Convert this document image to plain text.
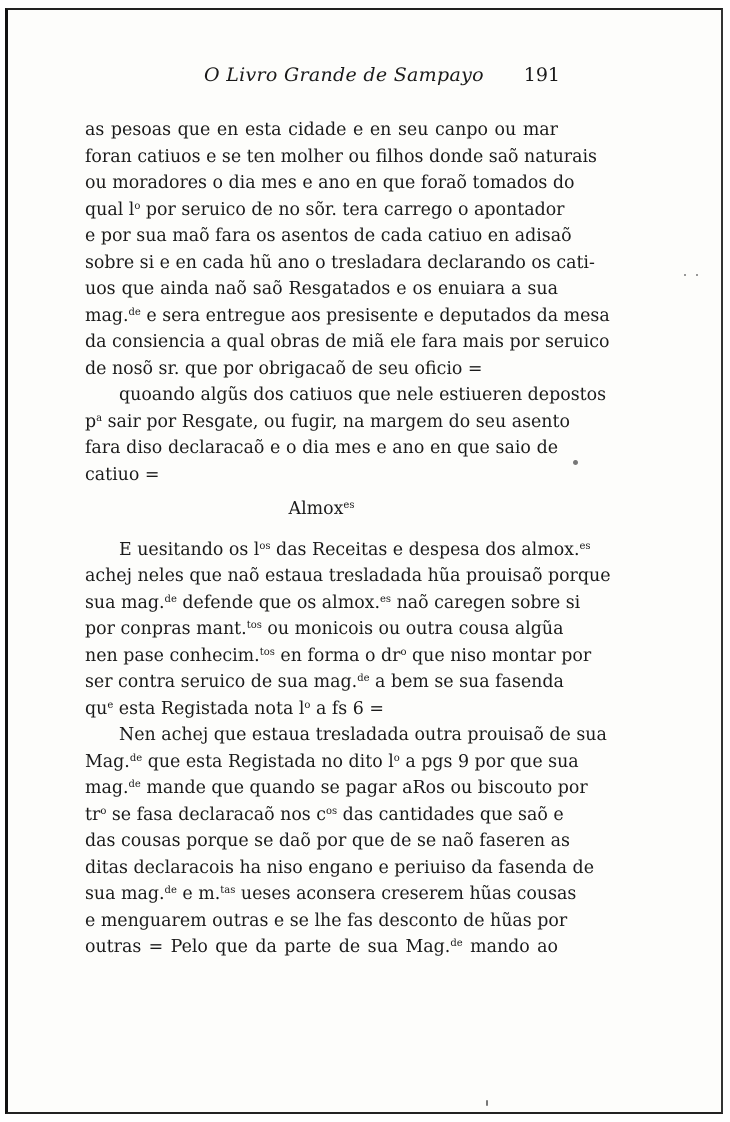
O Livro Grande de Sampayo 191
as pesoas que en esta cidade e en seu canpo ou mar
foran catiuos e se ten molher ou filhos donde saõ naturais
ou moradores o dia mes e ano en que foraõ tomados do
qual $l^o$ por seruico de no sõr. tera carrego o apontador
e por sua maõ fara os asentos de cada catiuo en adisaõ
sobre si e en cada hũ ano o tresladara declarando os cati-
uos que ainda naõ saõ Resgatados e os enuiara a sua
mag.$^{de}$ e sera entregue aos presisente e deputados da mesa
da consiencia a qual obras de miã ele fara mais por seruico
de nosõ sr. que por obrigacaõ de seu oficio =
quoando algũs dos catiuos que nele estiueren depostos
$p^a$ sair por Resgate, ou fugir, na margem do seu asento
fara diso declaracaõ e o dia mes e ano en que saio de
catiuo =
Almox$^{es}$
E uesitando os $l^{os}$ das Receitas e despesa dos almox.$^{es}$
achej neles que naõ estaua tresladada hũa prouisaõ porque
sua mag.$^{de}$ defende que os almox.$^{es}$ naõ caregen sobre si
por conpras mant.$^{tos}$ ou monicois ou outra cousa algũa
nen pase conhecim.$^{tos}$ en forma o $dr^o$ que niso montar por
ser contra seruico de sua mag.$^{de}$ a bem se sua fasenda
$qu^e$ esta Registada nota $l^o$ a fs 6 =
Nen achej que estaua tresladada outra prouisaõ de sua
Mag.$^{de}$ que esta Registada no dito $l^o$ a pgs 9 por que sua
mag.$^{de}$ mande que quando se pagar aRos ou biscouto por
$tr^o$ se fasa declaracaõ nos $c^{os}$ das cantidades que saõ e
das cousas porque se daõ por que de se naõ faseren as
ditas declaracois ha niso engano e periuiso da fasenda de
sua mag.$^{de}$ e m.$^{tas}$ ueses aconsera creserem hũas cousas
e menguarem outras e se lhe fas desconto de hũas por
outras = Pelo que da parte de sua Mag.$^{de}$ mando ao
